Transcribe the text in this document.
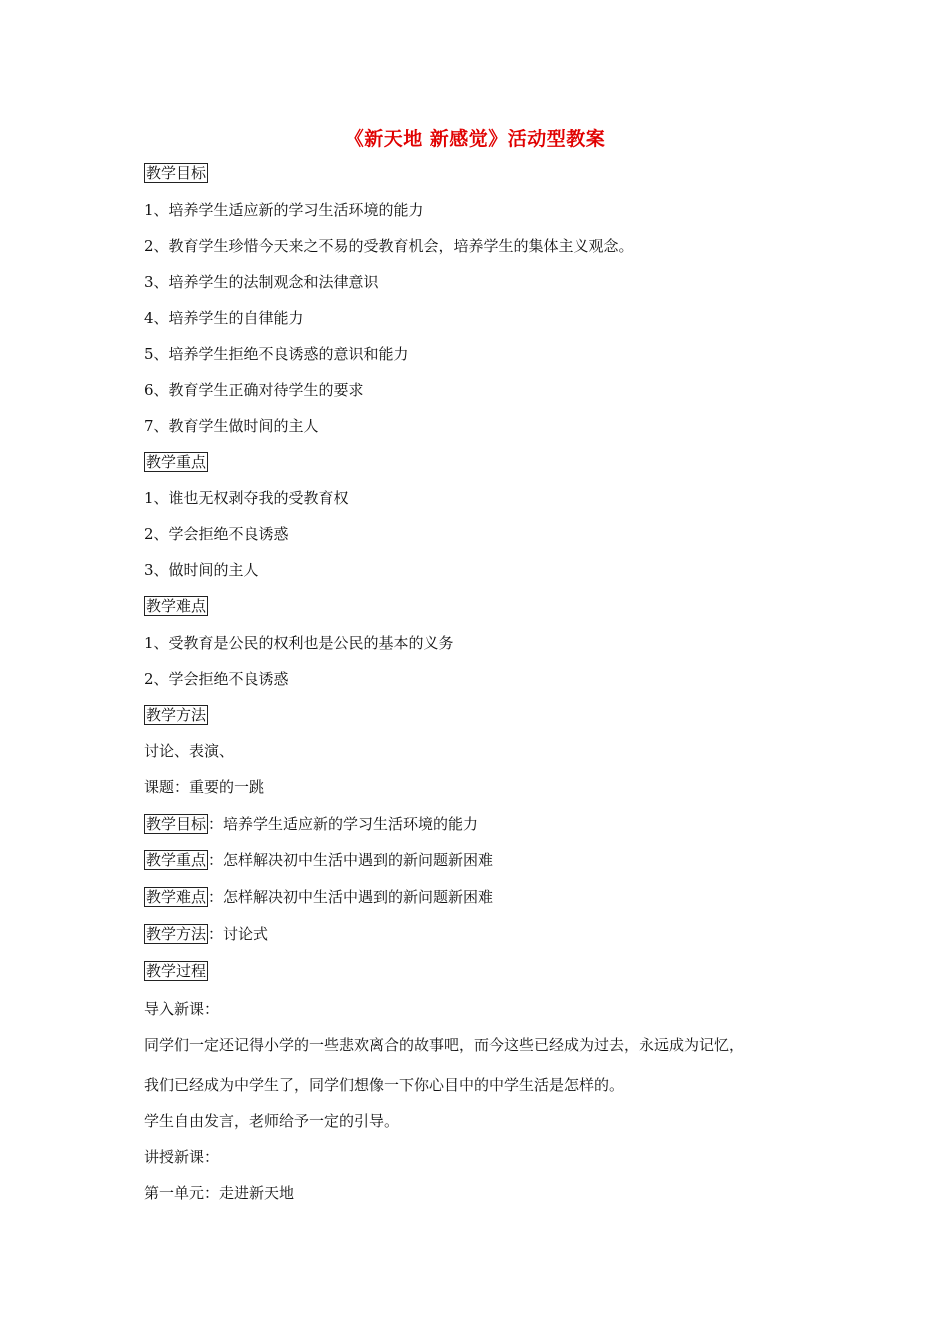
《新天地 新感觉》活动型教案
教学目标
1、培养学生适应新的学习生活环境的能力
2、教育学生珍惜今天来之不易的受教育机会，培养学生的集体主义观念。
3、培养学生的法制观念和法律意识
4、培养学生的自律能力
5、培养学生拒绝不良诱惑的意识和能力
6、教育学生正确对待学生的要求
7、教育学生做时间的主人
教学重点
1、谁也无权剥夺我的受教育权
2、学会拒绝不良诱惑
3、做时间的主人
教学难点
1、受教育是公民的权利也是公民的基本的义务
2、学会拒绝不良诱惑
教学方法
讨论、表演、
课题：重要的一跳
教学目标 ：培养学生适应新的学习生活环境的能力
教学重点 ：怎样解决初中生活中遇到的新问题新困难
教学难点 ：怎样解决初中生活中遇到的新问题新困难
教学方法 ：讨论式
教学过程
导入新课：
同学们一定还记得小学的一些悲欢离合的故事吧，而今这些已经成为过去，永远成为记忆，
我们已经成为中学生了，同学们想像一下你心目中的中学生活是怎样的。
学生自由发言，老师给予一定的引导。
讲授新课：
第一单元：走进新天地
